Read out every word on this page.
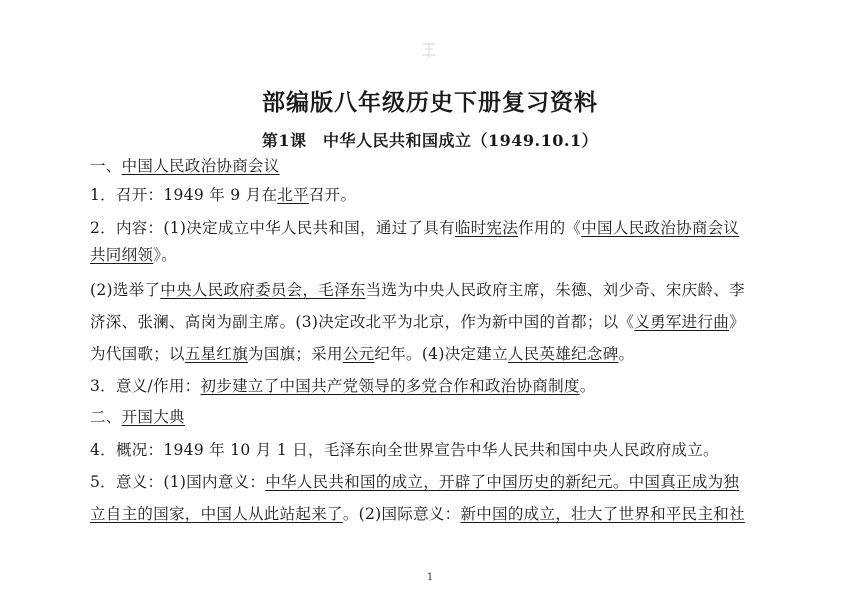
部编版八年级历史下册复习资料
第1课　中华人民共和国成立（1949.10.1）
一、中国人民政治协商会议
1．召开：1949 年 9 月在北平召开。
2．内容：(1)决定成立中华人民共和国，通过了具有临时宪法作用的《中国人民政治协商会议
共同纲领》。
(2)选举了中央人民政府委员会，毛泽东当选为中央人民政府主席，朱德、刘少奇、宋庆龄、李
济深、张澜、高岗为副主席。(3)决定改北平为北京，作为新中国的首都；以《义勇军进行曲》
为代国歌；以五星红旗为国旗；采用公元纪年。(4)决定建立人民英雄纪念碑。
3．意义/作用：初步建立了中国共产党领导的多党合作和政治协商制度。
二、开国大典
4．概况：1949 年 10 月 1 日，毛泽东向全世界宣告中华人民共和国中央人民政府成立。
5．意义：(1)国内意义：中华人民共和国的成立，开辟了中国历史的新纪元。中国真正成为独
立自主的国家，中国人从此站起来了。(2)国际意义：新中国的成立，壮大了世界和平民主和社
1
